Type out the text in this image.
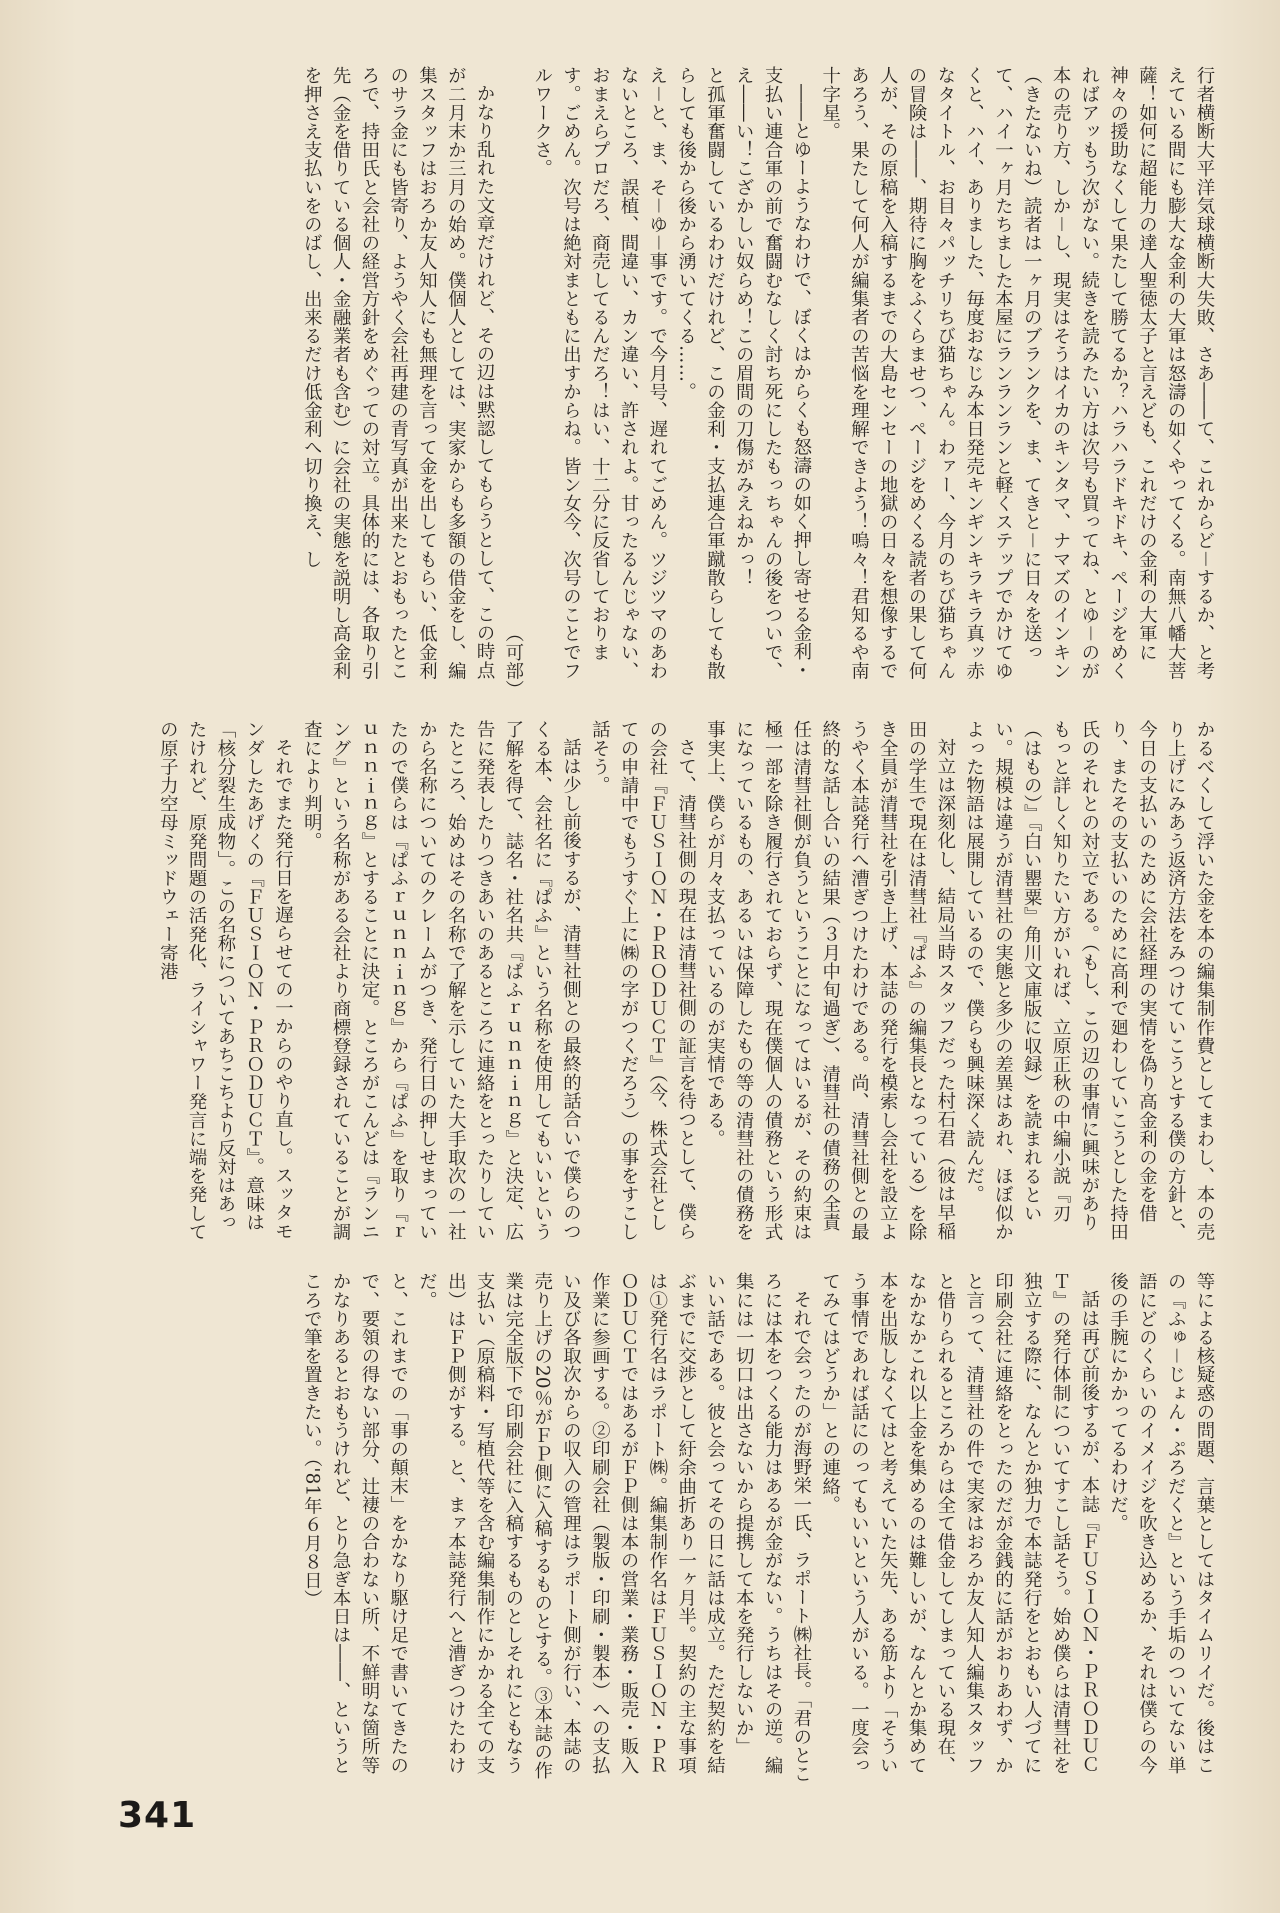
行者横断大平洋気球横断大失敗、さあ――て、これからど－するか、と考えている間にも膨大な金利の大軍は怒濤の如くやってくる。南無八幡大菩薩！如何に超能力の達人聖徳太子と言えども、これだけの金利の大軍に神々の援助なくして果たして勝てるか？ハラハラドキドキ、ページをめくればアッもう次がない。続きを読みたい方は次号も買ってね、とゆ－のが本の売り方、しか－し、現実はそうはイカのキンタマ、ナマズのインキン（きたないね）読者は一ヶ月のブランクを、ま、てきと－に日々を送って、ハイ一ヶ月たちました本屋にランランランと軽くステップでかけてゆくと、ハイ、ありました、毎度おなじみ本日発売キンギンキラキラ真ッ赤なタイトル、お目々パッチリちび猫ちゃん。わァー、今月のちび猫ちゃんの冒険は――、期待に胸をふくらませつ、ページをめくる読者の果して何人が、その原稿を入稿するまでの大島センセーの地獄の日々を想像するであろう、果たして何人が編集者の苦悩を理解できよう！嗚々！君知るや南十字星。
――とゆーようなわけで、ぼくはからくも怒濤の如く押し寄せる金利・支払い連合軍の前で奮闘むなしく討ち死にしたもっちゃんの後をついで、え――い！こざかしい奴らめ！この眉間の刀傷がみえねかっ！
と孤軍奮闘しているわけだけれど、この金利・支払連合軍蹴散らしても散らしても後から後から湧いてくる……。
え－と、ま、そ－ゆ－事です。で今月号、遅れてごめん。ツジツマのあわないところ、誤植、間違い、カン違い、許されよ。甘ったるんじゃない、おまえらプロだろ、商売してるんだろ！はい、十二分に反省しております。ごめん。次号は絶対まともに出すからね。皆ン女今、次号のことでフルワークさ。
（可部）
かなり乱れた文章だけれど、その辺は黙認してもらうとして、この時点が二月末か三月の始め。僕個人としては、実家からも多額の借金をし、編集スタッフはおろか友人知人にも無理を言って金を出してもらい、低金利のサラ金にも皆寄り、ようやく会社再建の青写真が出来たとおもったところで、持田氏と会社の経営方針をめぐっての対立。具体的には、各取り引先（金を借りている個人・金融業者も含む）に会社の実態を説明し高金利を押さえ支払いをのばし、出来るだけ低金利へ切り換え、し
かるべくして浮いた金を本の編集制作費としてまわし、本の売り上げにみあう返済方法をみつけていこうとする僕の方針と、今日の支払いのために会社経理の実情を偽り高金利の金を借り、またその支払いのために高利で廻わしていこうとした持田氏のそれとの対立である。（もし、この辺の事情に興味がありもっと詳しく知りたい方がいれば、立原正秋の中編小説『刃（はもの）』『白い罌粟』角川文庫版に収録）を読まれるといい。規模は違うが清彗社の実態と多少の差異はあれ、ほぼ似かよった物語は展開しているので、僕らも興味深く読んだ。
対立は深刻化し、結局当時スタッフだった村石君（彼は早稲田の学生で現在は清彗社『ぱふ』の編集長となっている）を除き全員が清彗社を引き上げ、本誌の発行を模索し会社を設立ようやく本誌発行へ漕ぎつけたわけである。尚、清彗社側との最終的な話し合いの結果（３月中旬過ぎ）、清彗社の債務の全責任は清彗社側が負うということになってはいるが、その約束は極一部を除き履行されておらず、現在僕個人の債務という形式になっているもの、あるいは保障したもの等の清彗社の債務を事実上、僕らが月々支払っているのが実情である。
さて、清彗社側の現在は清彗社側の証言を待つとして、僕らの会社『ＦＵＳＩＯＮ・ＰＲＯＤＵＣＴ』（今、株式会社としての申請中でもうすぐ上に㈱の字がつくだろう）の事をすこし話そう。
話は少し前後するが、清彗社側との最終的話合いで僕らのつくる本、会社名に『ぱふ』という名称を使用してもいいという了解を得て、誌名・社名共『ぱふｒｕｎｎｉｎｇ』と決定、広告に発表したりつきあいのあるところに連絡をとったりしていたところ、始めはその名称で了解を示していた大手取次の一社から名称についてのクレームがつき、発行日の押しせまっていたので僕らは『ぱふｒｕｎｎｉｎｇ』から『ぱふ』を取り『ｒｕｎｎｉｎｇ』とすることに決定。ところがこんどは『ランニング』という名称がある会社より商標登録されていることが調査により判明。
それでまた発行日を遅らせての一からのやり直し。スッタモンダしたあげくの『ＦＵＳＩＯＮ・ＰＲＯＤＵＣＴ』。意味は「核分裂生成物」。この名称についてあちこちより反対はあったけれど、原発問題の活発化、ライシャワー発言に端を発しての原子力空母ミッドウェー寄港
等による核疑惑の問題、言葉としてはタイムリイだ。後はこの『ふゅ－じょん・ぷろだくと』という手垢のついてない単語にどのくらいのイメイジを吹き込めるか、それは僕らの今後の手腕にかかってるわけだ。
話は再び前後するが、本誌『ＦＵＳＩＯＮ・ＰＲＯＤＵＣＴ』の発行体制についてすこし話そう。始め僕らは清彗社を独立する際に、なんとか独力で本誌発行をとおもい人づてに印刷会社に連絡をとったのだが金銭的に話がおりあわず、かと言って、清彗社の件で実家はおろか友人知人編集スタッフと借りられるところからは全て借金してしまっている現在、なかなかこれ以上金を集めるのは難しいが、なんとか集めて本を出版しなくてはと考えていた矢先、ある筋より「そういう事情であれば話にのってもいいという人がいる。一度会ってみてはどうか」との連絡。
それで会ったのが海野栄一氏、ラポート㈱社長。「君のところには本をつくる能力はあるが金がない。うちはその逆。編集には一切口は出さないから提携して本を発行しないか」
いい話である。彼と会ってその日に話は成立。ただ契約を結ぶまでに交渉として紆余曲折あり一ヶ月半。契約の主な事項は①発行名はラポート㈱。編集制作名はＦＵＳＩＯＮ・ＰＲＯＤＵＣＴではあるがＦＰ側は本の営業・業務・販売・販入作業に参画する。②印刷会社（製版・印刷・製本）への支払い及び各取次からの収入の管理はラポート側が行い、本誌の売り上げの20％がＦＰ側に入稿するものとする。③本誌の作業は完全版下で印刷会社に入稿するものとしそれにともなう支払い（原稿料・写植代等を含む編集制作にかかる全ての支出）はＦＰ側がする。と、まァ本誌発行へと漕ぎつけたわけだ。
と、これまでの「事の顛末」をかなり駆け足で書いてきたので、要領の得ない部分、辻褄の合わない所、不鮮明な箇所等かなりあるとおもうけれど、とり急ぎ本日は――、というところで筆を置きたい。（'81年６月８日）
341
